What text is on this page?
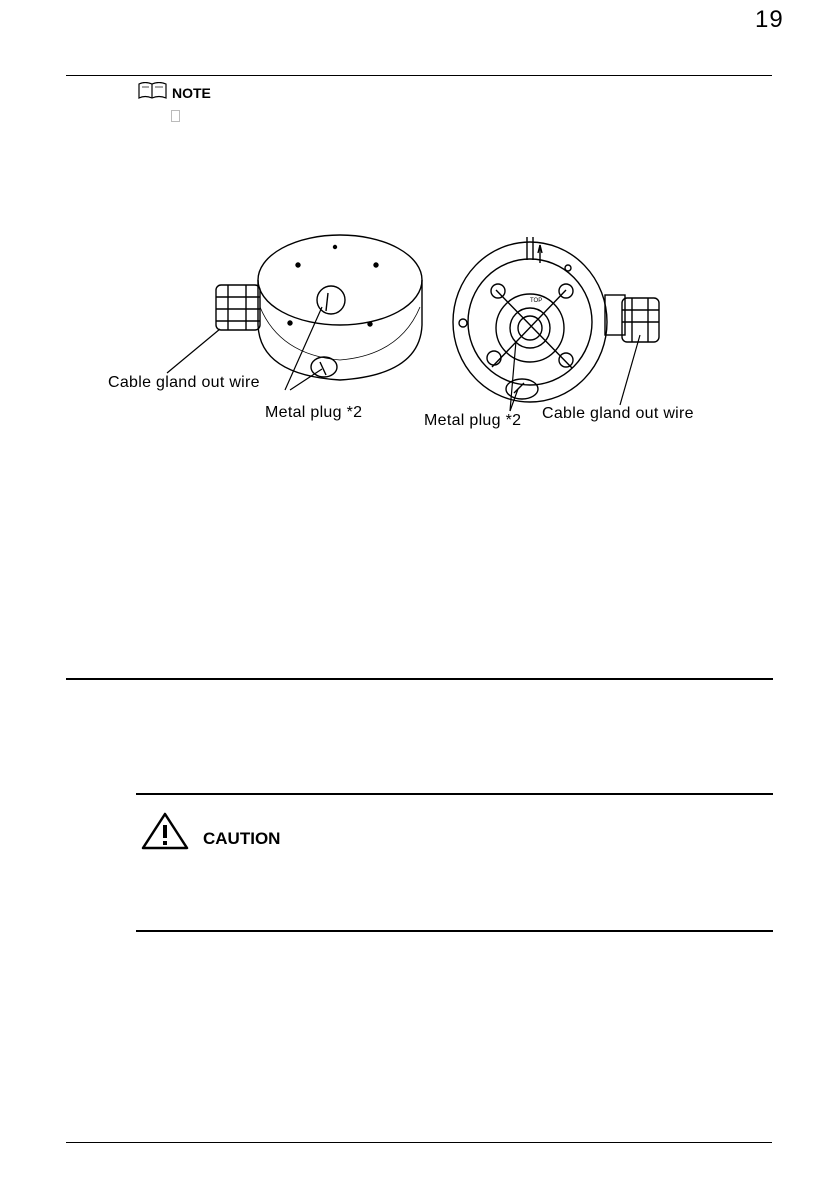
19
NOTE
TOP
Cable gland out wire
Metal plug *2	Metal plug *2 Cable gland out wire
CAUTION
